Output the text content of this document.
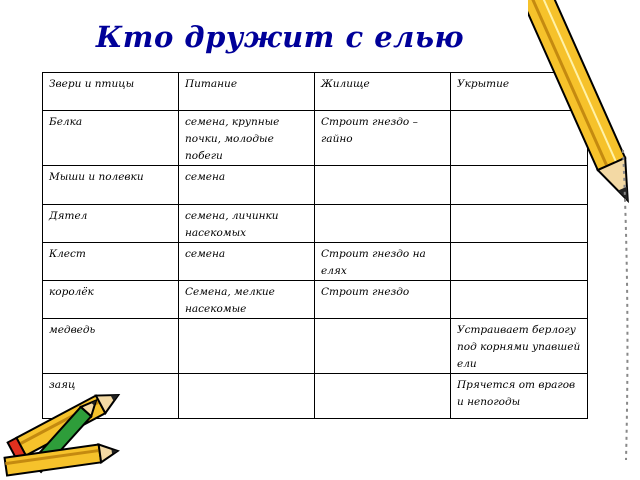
Кто дружит с елью
Звери и птицы	Питание	Жилище	Укрытие
Белка	семена, крупные почки, молодые побеги	Строит гнездо – гайно	
Мыши и полевки	семена		
Дятел	семена, личинки насекомых		
Клест	семена	Строит гнездо на елях	
королёк	Семена, мелкие насекомые	Строит гнездо	
медведь			Устраивает берлогу под корнями упавшей ели
заяц			Прячется от врагов и непогоды
